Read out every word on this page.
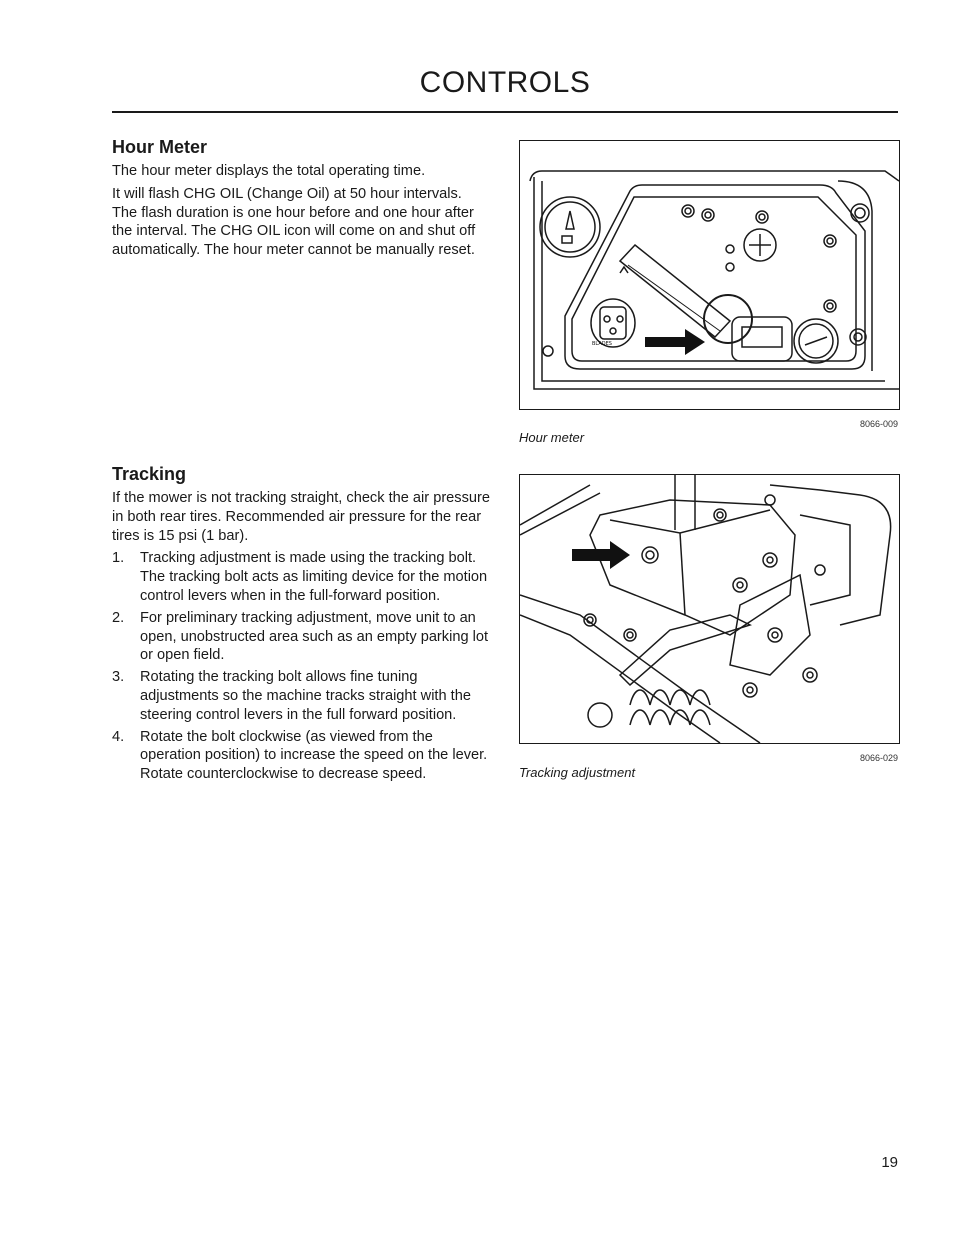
CONTROLS
Hour Meter

The hour meter displays the total operating time.

It will flash CHG OIL (Change Oil) at 50 hour intervals. The flash duration is one hour before and one hour after the interval. The CHG OIL icon will come on and shut off automatically. The hour meter cannot be manually reset.

BLADES
8066-009
Hour meter
Tracking

If the mower is not tracking straight, check the air pressure in both rear tires. Recommended air pressure for the rear tires is 15 psi (1 bar).

1. Tracking adjustment is made using the tracking bolt. The tracking bolt acts as limiting device for the motion control levers when in the full-forward position.
2. For preliminary tracking adjustment, move unit to an open, unobstructed area such as an empty parking lot or open field.
3. Rotating the tracking bolt allows fine tuning adjustments so the machine tracks straight with the steering control levers in the full forward position.
4. Rotate the bolt clockwise (as viewed from the operation position) to increase the speed on the lever. Rotate counterclockwise to decrease speed.
8066-029
Tracking adjustment
19
